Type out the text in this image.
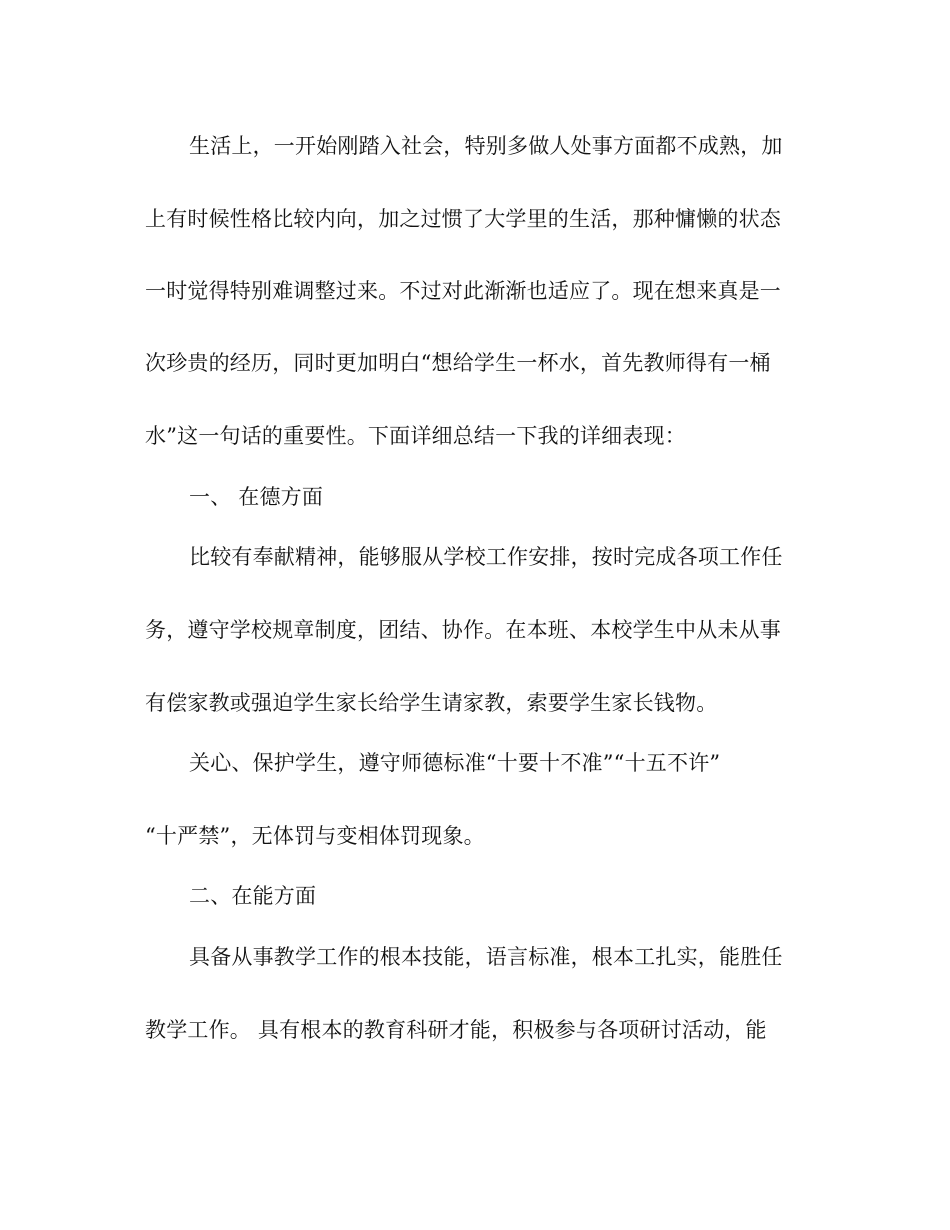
生活上，一开始刚踏入社会，特别多做人处事方面都不成熟，加
上有时候性格比较内向，加之过惯了大学里的生活，那种慵懒的状态
一时觉得特别难调整过来。不过对此渐渐也适应了。现在想来真是一
次珍贵的经历，同时更加明白“想给学生一杯水，首先教师得有一桶
水”这一句话的重要性。下面详细总结一下我的详细表现：
一、 在德方面
比较有奉献精神，能够服从学校工作安排，按时完成各项工作任
务，遵守学校规章制度，团结、协作。在本班、本校学生中从未从事
有偿家教或强迫学生家长给学生请家教，索要学生家长钱物。
关心、保护学生，遵守师德标准“十要十不准”“十五不许”
“十严禁”，无体罚与变相体罚现象。
二、在能方面
具备从事教学工作的根本技能，语言标准，根本工扎实，能胜任
教学工作。 具有根本的教育科研才能，积极参与各项研讨活动，能
